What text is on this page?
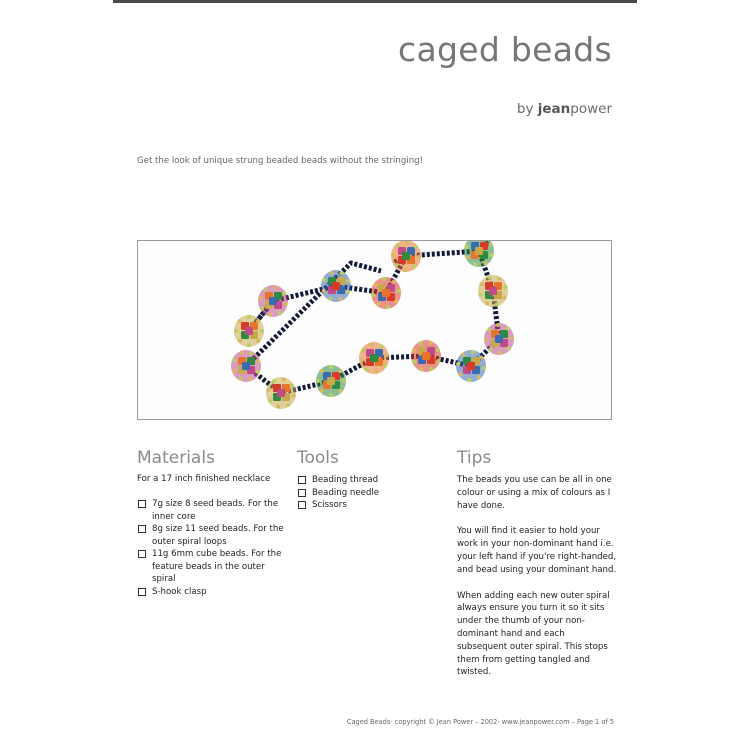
caged beads
by jeanpower
Get the look of unique strung beaded beads without the stringing!
Materials
For a 17 inch finished necklace
7g size 8 seed beads. For the inner core
8g size 11 seed beads. For the outer spiral loops
11g 6mm cube beads. For the feature beads in the outer spiral
S-hook clasp
Tools
Beading thread
Beading needle
Scissors
Tips

The beads you use can be all in one colour or using a mix of colours as I have done.

You will find it easier to hold your work in your non-dominant hand i.e. your left hand if you're right-handed, and bead using your dominant hand.

When adding each new outer spiral always ensure you turn it so it sits under the thumb of your non-dominant hand and each subsequent outer spiral. This stops them from getting tangled and twisted.

Caged Beads- copyright © Jean Power – 2002- www.jeanpower.com – Page 1 of 5
